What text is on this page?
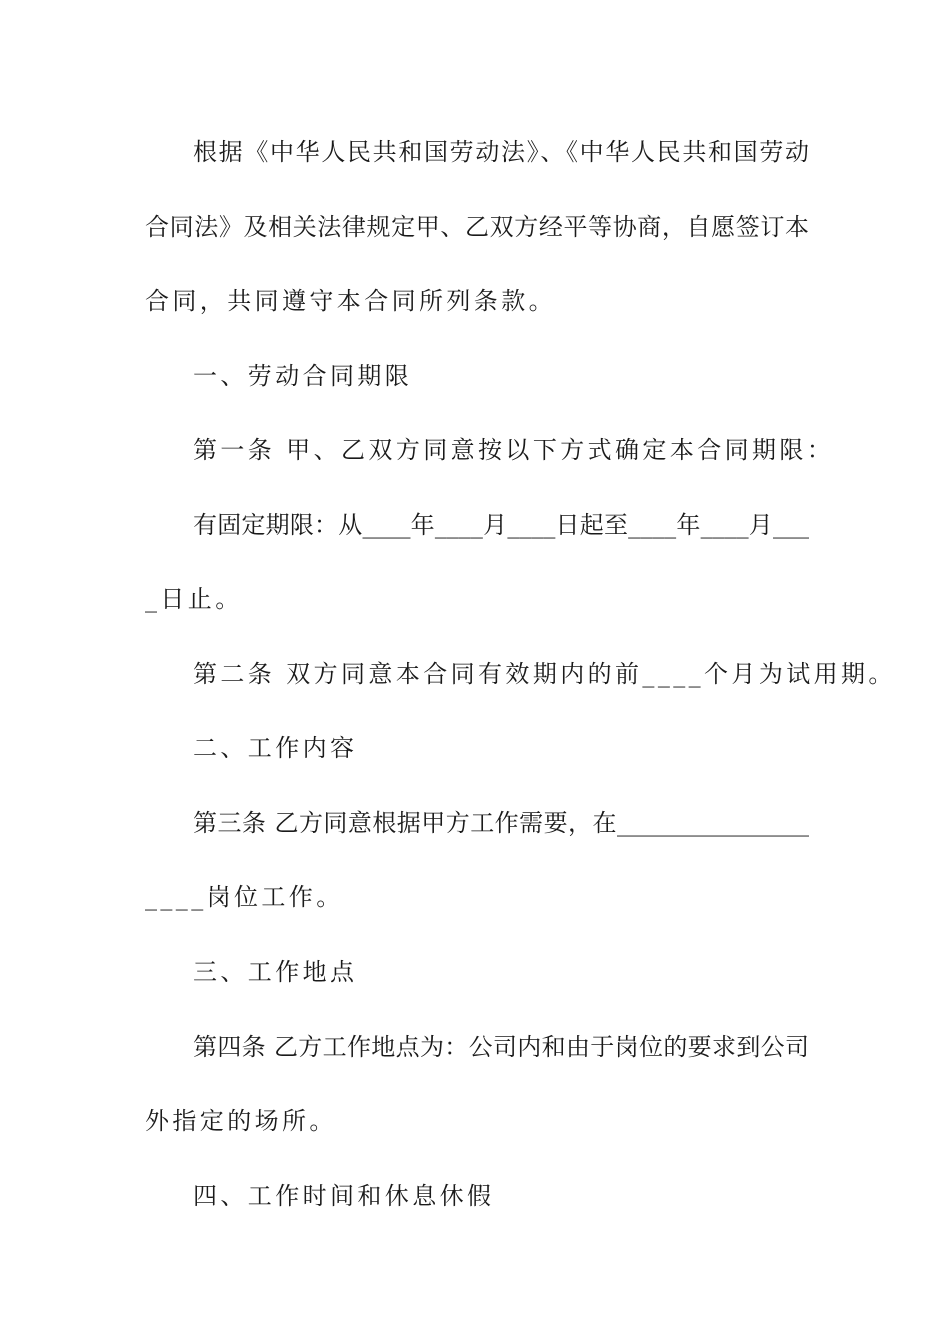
根据《中华人民共和国劳动法》、《中华人民共和国劳动
合同法》及相关法律规定甲、乙双方经平等协商，自愿签订本
合同，共同遵守本合同所列条款。
一、劳动合同期限
第一条 甲、乙双方同意按以下方式确定本合同期限：
有固定期限：从____年____月____日起至____年____月___
_日止。
第二条 双方同意本合同有效期内的前____个月为试用期。
二、工作内容
第三条 乙方同意根据甲方工作需要，在________________
____岗位工作。
三、工作地点
第四条 乙方工作地点为：公司内和由于岗位的要求到公司
外指定的场所。
四、工作时间和休息休假
